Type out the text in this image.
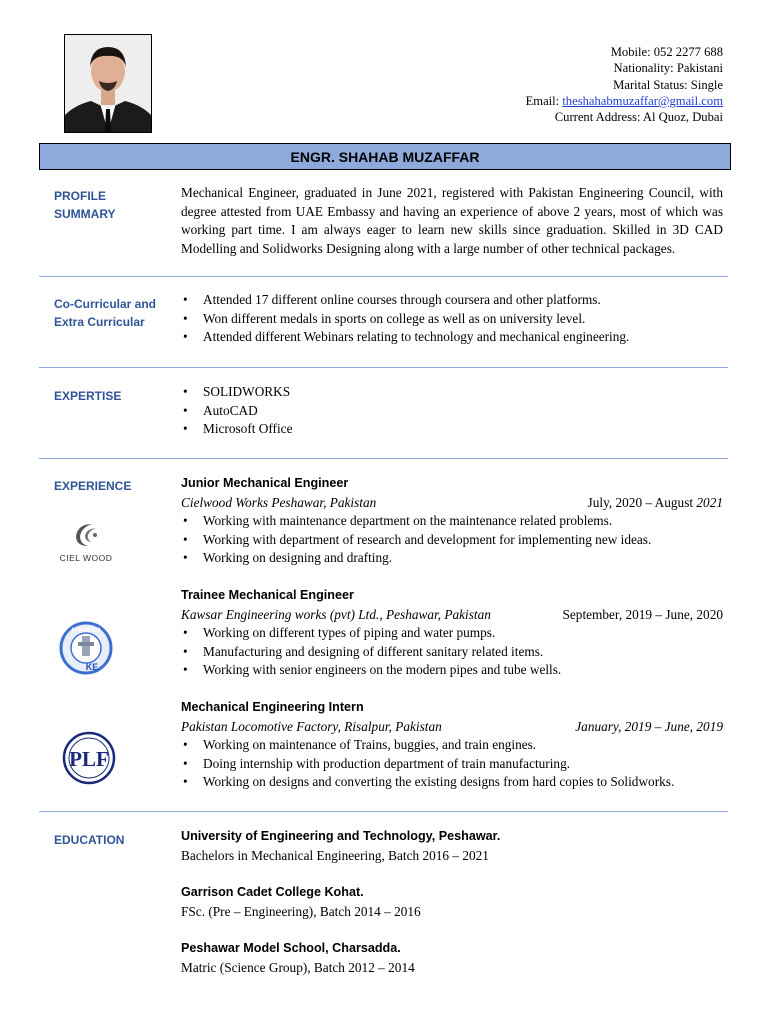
Mobile: 052 2277 688
Nationality: Pakistani
Marital Status: Single
Email: theshahabmuzaffar@gmail.com
Current Address: Al Quoz, Dubai
ENGR. SHAHAB MUZAFFAR
PROFILE
SUMMARY
Mechanical Engineer, graduated in June 2021, registered with Pakistan Engineering Council, with degree attested from UAE Embassy and having an experience of above 2 years, most of which was working part time. I am always eager to learn new skills since graduation. Skilled in 3D CAD Modelling and Solidworks Designing along with a large number of other technical packages.
Co-Curricular and
Extra Curricular
• Attended 17 different online courses through coursera and other platforms.
• Won different medals in sports on college as well as on university level.
• Attended different Webinars relating to technology and mechanical engineering.
EXPERTISE
•	SOLIDWORKS
• AutoCAD
• Microsoft Office
EXPERIENCE	Junior Mechanical Engineer
Cielwood Works Peshawar, Pakistan	July, 2020 – August 2021
• Working with maintenance department on the maintenance related problems.
• Working with department of research and development for implementing new ideas.
• Working on designing and drafting.
CIEL WOOD
Trainee Mechanical Engineer
Kawsar Engineering works (pvt) Ltd., Peshawar, Pakistan	September, 2019 – June, 2020
• Working on different types of piping and water pumps.
• Manufacturing and designing of different sanitary related items.
• Working with senior engineers on the modern pipes and tube wells.
KAWSAR
KE
Mechanical Engineering Intern
Pakistan Locomotive Factory, Risalpur, Pakistan	January, 2019 – June, 2019
• Working on maintenance of Trains, buggies, and train engines.
• Doing internship with production department of train manufacturing.
• Working on designs and converting the existing designs from hard copies to Solidworks.
PLF
EDUCATION	University of Engineering and Technology, Peshawar.
Bachelors in Mechanical Engineering, Batch 2016 – 2021
Garrison Cadet College Kohat.
FSc. (Pre – Engineering), Batch 2014 – 2016
Peshawar Model School, Charsadda.
Matric (Science Group), Batch 2012 – 2014
